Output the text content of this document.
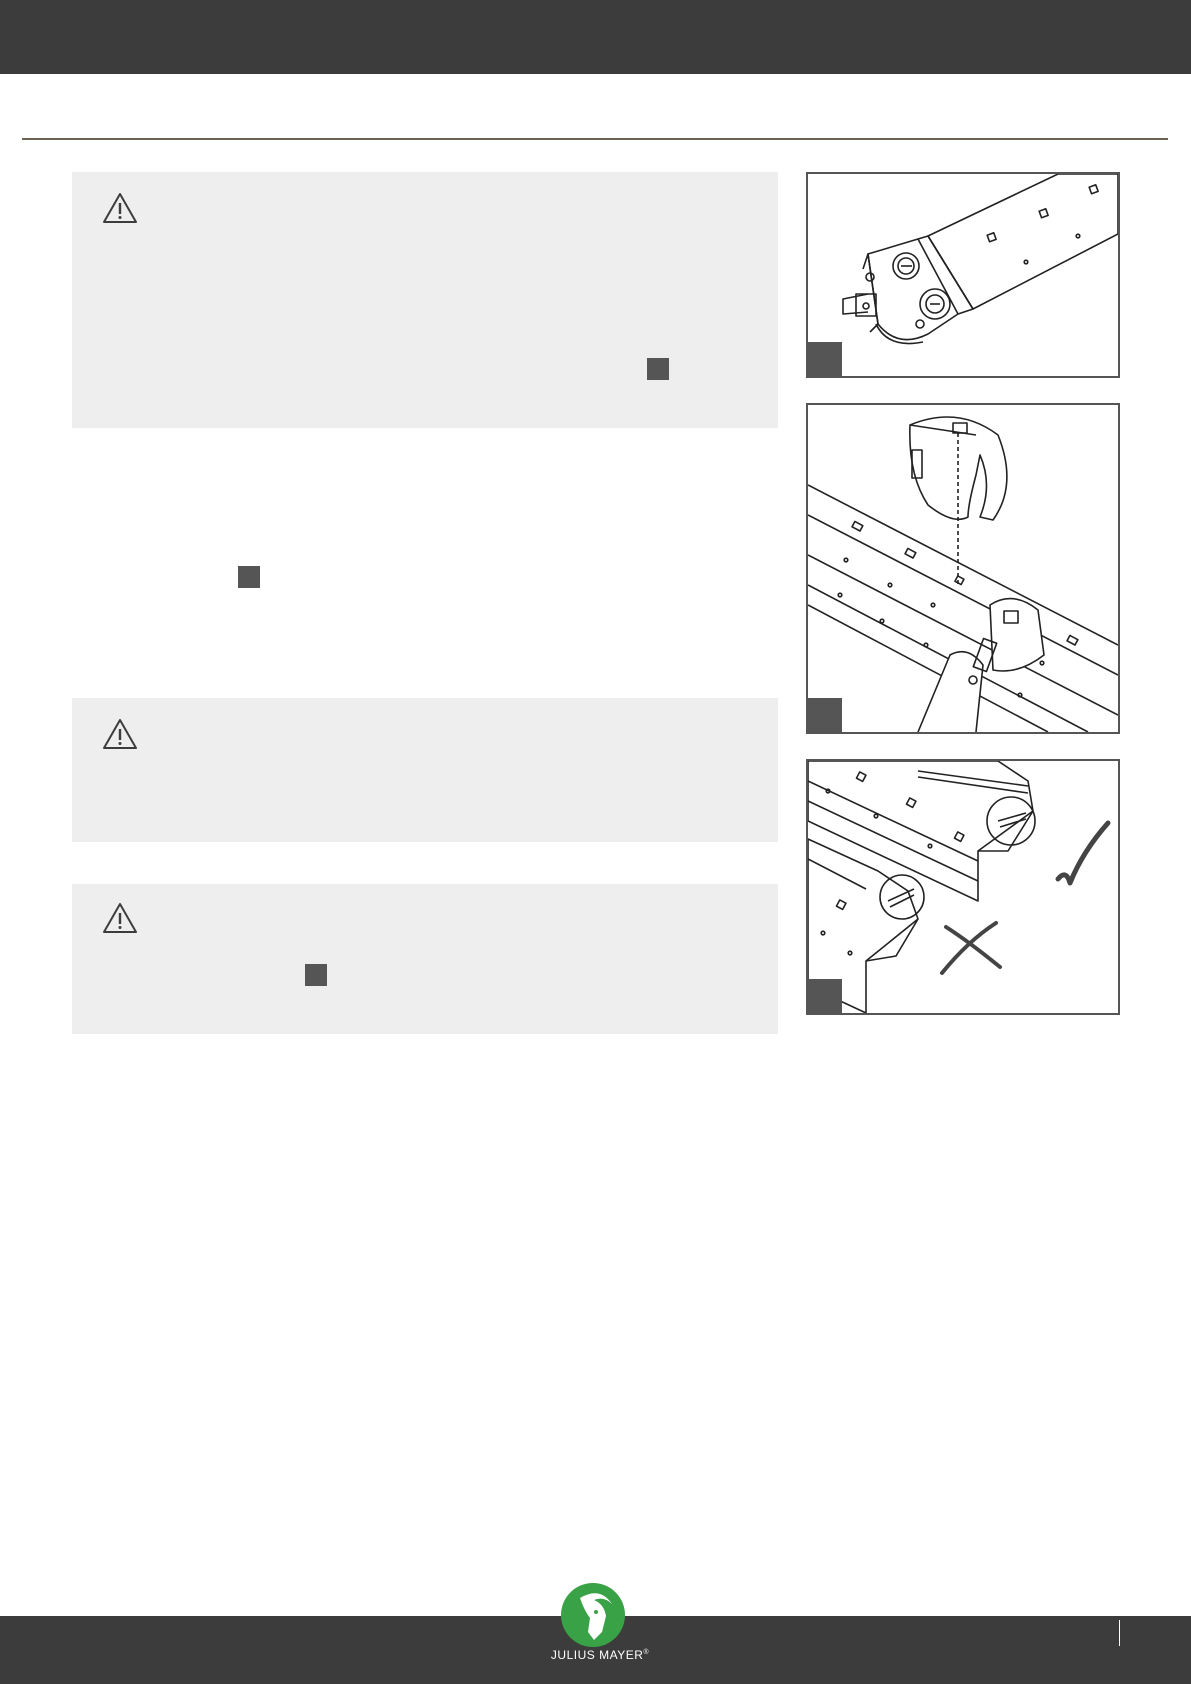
JULIUS MAYER®
